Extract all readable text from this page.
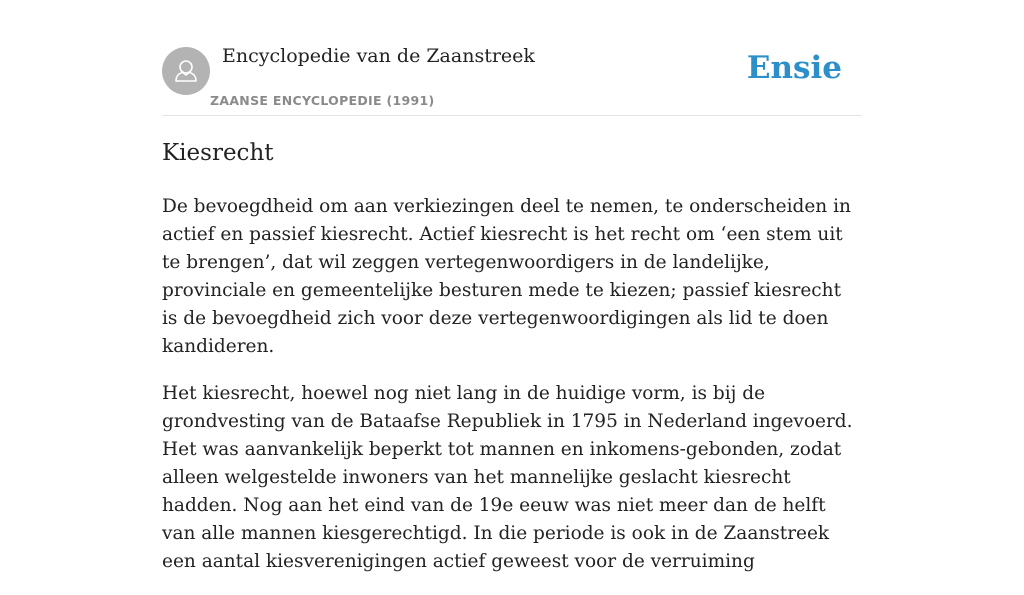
Encyclopedie van de Zaanstreek
ZAANSE ENCYCLOPEDIE (1991)
Ensie
Kiesrecht

De bevoegdheid om aan verkiezingen deel te nemen, te onderscheiden in actief en passief kiesrecht. Actief kiesrecht is het recht om ‘een stem uit te brengen’, dat wil zeggen vertegenwoordigers in de landelijke, provinciale en gemeentelijke besturen mede te kiezen; passief kiesrecht is de bevoegdheid zich voor deze vertegenwoordigingen als lid te doen kandideren.

Het kiesrecht, hoewel nog niet lang in de huidige vorm, is bij de grondvesting van de Bataafse Republiek in 1795 in Nederland ingevoerd. Het was aanvankelijk beperkt tot mannen en inkomens-gebonden, zodat alleen welgestelde inwoners van het mannelijke geslacht kiesrecht hadden. Nog aan het eind van de 19e eeuw was niet meer dan de helft van alle mannen kiesgerechtigd. In die periode is ook in de Zaanstreek een aantal kiesverenigingen actief geweest voor de verruiming
